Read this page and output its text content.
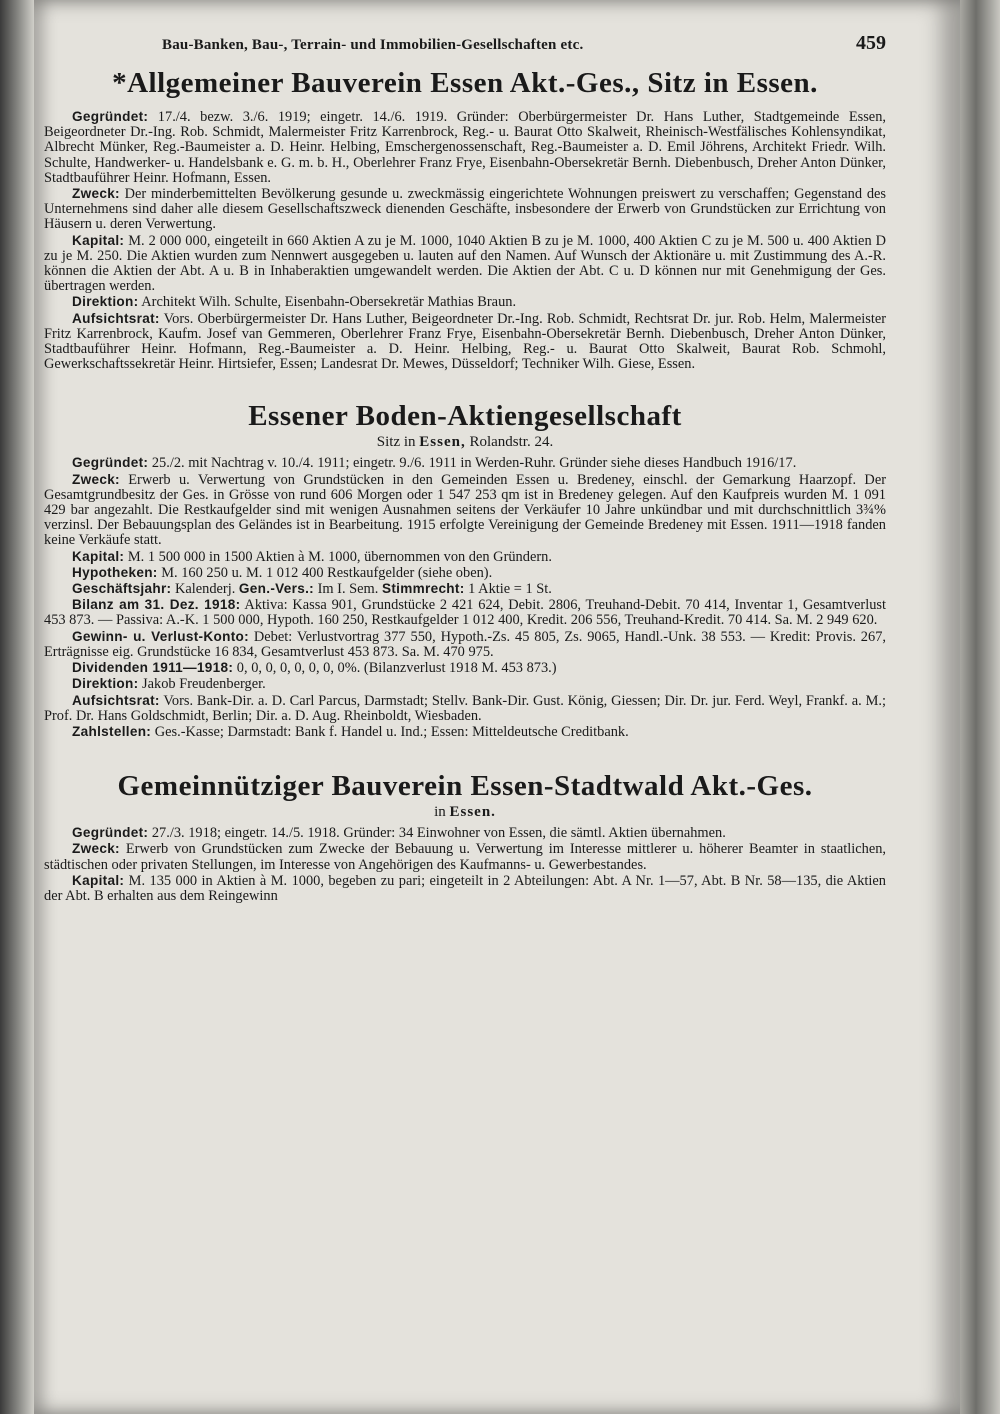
Bau-Banken, Bau-, Terrain- und Immobilien-Gesellschaften etc.	459
*Allgemeiner Bauverein Essen Akt.-Ges., Sitz in Essen.

Gegründet: 17./4. bezw. 3./6. 1919; eingetr. 14./6. 1919. Gründer: Oberbürgermeister Dr. Hans Luther, Stadtgemeinde Essen, Beigeordneter Dr.-Ing. Rob. Schmidt, Malermeister Fritz Karrenbrock, Reg.- u. Baurat Otto Skalweit, Rheinisch-Westfälisches Kohlensyndikat, Albrecht Münker, Reg.-Baumeister a. D. Heinr. Helbing, Emschergenossenschaft, Reg.-Baumeister a. D. Emil Jöhrens, Architekt Friedr. Wilh. Schulte, Handwerker- u. Handelsbank e. G. m. b. H., Oberlehrer Franz Frye, Eisenbahn-Obersekretär Bernh. Diebenbusch, Dreher Anton Dünker, Stadtbauführer Heinr. Hofmann, Essen.

Zweck: Der minderbemittelten Bevölkerung gesunde u. zweckmässig eingerichtete Wohnungen preiswert zu verschaffen; Gegenstand des Unternehmens sind daher alle diesem Gesellschaftszweck dienenden Geschäfte, insbesondere der Erwerb von Grundstücken zur Errichtung von Häusern u. deren Verwertung.

Kapital: M. 2 000 000, eingeteilt in 660 Aktien A zu je M. 1000, 1040 Aktien B zu je M. 1000, 400 Aktien C zu je M. 500 u. 400 Aktien D zu je M. 250. Die Aktien wurden zum Nennwert ausgegeben u. lauten auf den Namen. Auf Wunsch der Aktionäre u. mit Zustimmung des A.-R. können die Aktien der Abt. A u. B in Inhaberaktien umgewandelt werden. Die Aktien der Abt. C u. D können nur mit Genehmigung der Ges. übertragen werden.

Direktion: Architekt Wilh. Schulte, Eisenbahn-Obersekretär Mathias Braun.

Aufsichtsrat: Vors. Oberbürgermeister Dr. Hans Luther, Beigeordneter Dr.-Ing. Rob. Schmidt, Rechtsrat Dr. jur. Rob. Helm, Malermeister Fritz Karrenbrock, Kaufm. Josef van Gemmeren, Oberlehrer Franz Frye, Eisenbahn-Obersekretär Bernh. Diebenbusch, Dreher Anton Dünker, Stadtbauführer Heinr. Hofmann, Reg.-Baumeister a. D. Heinr. Helbing, Reg.- u. Baurat Otto Skalweit, Baurat Rob. Schmohl, Gewerkschaftssekretär Heinr. Hirtsiefer, Essen; Landesrat Dr. Mewes, Düsseldorf; Techniker Wilh. Giese, Essen.

Essener Boden-Aktiengesellschaft
Sitz in Essen, Rolandstr. 24.

Gegründet: 25./2. mit Nachtrag v. 10./4. 1911; eingetr. 9./6. 1911 in Werden-Ruhr. Gründer siehe dieses Handbuch 1916/17.

Zweck: Erwerb u. Verwertung von Grundstücken in den Gemeinden Essen u. Bredeney, einschl. der Gemarkung Haarzopf. Der Gesamtgrundbesitz der Ges. in Grösse von rund 606 Morgen oder 1 547 253 qm ist in Bredeney gelegen. Auf den Kaufpreis wurden M. 1 091 429 bar angezahlt. Die Restkaufgelder sind mit wenigen Ausnahmen seitens der Verkäufer 10 Jahre unkündbar und mit durchschnittlich 3¾% verzinsl. Der Bebauungsplan des Geländes ist in Bearbeitung. 1915 erfolgte Vereinigung der Gemeinde Bredeney mit Essen. 1911—1918 fanden keine Verkäufe statt.

Kapital: M. 1 500 000 in 1500 Aktien à M. 1000, übernommen von den Gründern.

Hypotheken: M. 160 250 u. M. 1 012 400 Restkaufgelder (siehe oben).

Geschäftsjahr: Kalenderj. Gen.-Vers.: Im I. Sem. Stimmrecht: 1 Aktie = 1 St.

Bilanz am 31. Dez. 1918: Aktiva: Kassa 901, Grundstücke 2 421 624, Debit. 2806, Treuhand-Debit. 70 414, Inventar 1, Gesamtverlust 453 873. — Passiva: A.-K. 1 500 000, Hypoth. 160 250, Restkaufgelder 1 012 400, Kredit. 206 556, Treuhand-Kredit. 70 414. Sa. M. 2 949 620.

Gewinn- u. Verlust-Konto: Debet: Verlustvortrag 377 550, Hypoth.-Zs. 45 805, Zs. 9065, Handl.-Unk. 38 553. — Kredit: Provis. 267, Erträgnisse eig. Grundstücke 16 834, Gesamtverlust 453 873. Sa. M. 470 975.

Dividenden 1911—1918: 0, 0, 0, 0, 0, 0, 0, 0%. (Bilanzverlust 1918 M. 453 873.)

Direktion: Jakob Freudenberger.

Aufsichtsrat: Vors. Bank-Dir. a. D. Carl Parcus, Darmstadt; Stellv. Bank-Dir. Gust. König, Giessen; Dir. Dr. jur. Ferd. Weyl, Frankf. a. M.; Prof. Dr. Hans Goldschmidt, Berlin; Dir. a. D. Aug. Rheinboldt, Wiesbaden.

Zahlstellen: Ges.-Kasse; Darmstadt: Bank f. Handel u. Ind.; Essen: Mitteldeutsche Creditbank.

Gemeinnütziger Bauverein Essen-Stadtwald Akt.-Ges.
in Essen.

Gegründet: 27./3. 1918; eingetr. 14./5. 1918. Gründer: 34 Einwohner von Essen, die sämtl. Aktien übernahmen.

Zweck: Erwerb von Grundstücken zum Zwecke der Bebauung u. Verwertung im Interesse mittlerer u. höherer Beamter in staatlichen, städtischen oder privaten Stellungen, im Interesse von Angehörigen des Kaufmanns- u. Gewerbestandes.

Kapital: M. 135 000 in Aktien à M. 1000, begeben zu pari; eingeteilt in 2 Abteilungen: Abt. A Nr. 1—57, Abt. B Nr. 58—135, die Aktien der Abt. B erhalten aus dem Reingewinn
